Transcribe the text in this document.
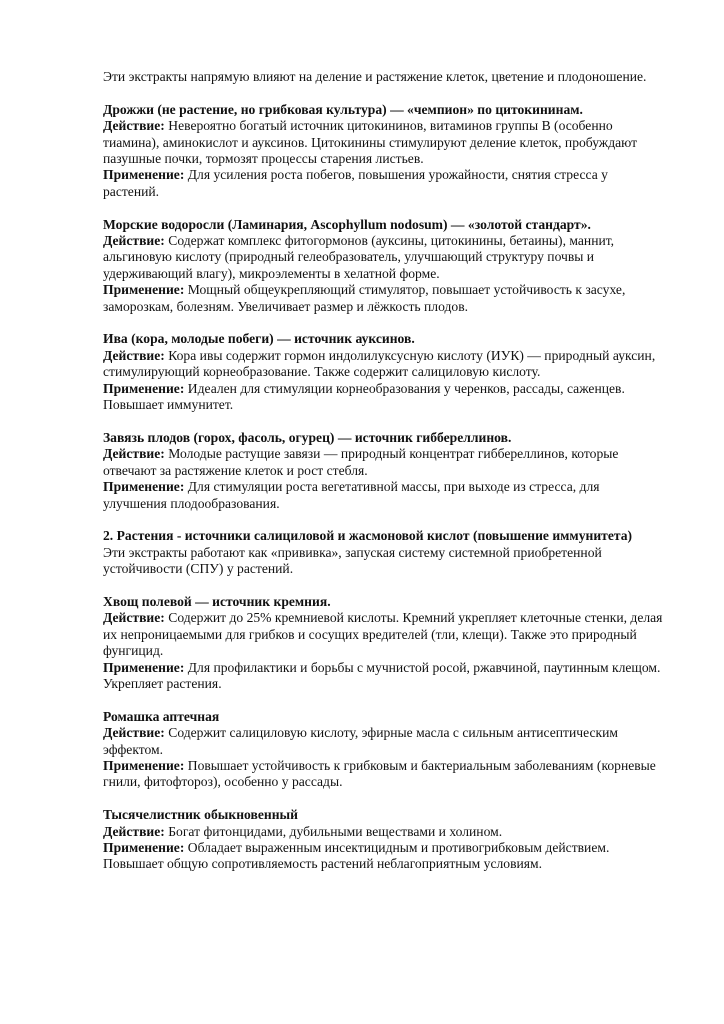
Эти экстракты напрямую влияют на деление и растяжение клеток, цветение и плодоношение.

Дрожжи (не растение, но грибковая культура) — «чемпион» по цитокининам.

Действие: Невероятно богатый источник цитокининов, витаминов группы В (особенно тиамина), аминокислот и ауксинов. Цитокинины стимулируют деление клеток, пробуждают пазушные почки, тормозят процессы старения листьев.

Применение: Для усиления роста побегов, повышения урожайности, снятия стресса у растений.

Морские водоросли (Ламинария, Ascophyllum nodosum) — «золотой стандарт».

Действие: Содержат комплекс фитогормонов (ауксины, цитокинины, бетаины), маннит, альгиновую кислоту (природный гелеобразователь, улучшающий структуру почвы и удерживающий влагу), микроэлементы в хелатной форме.

Применение: Мощный общеукрепляющий стимулятор, повышает устойчивость к засухе, заморозкам, болезням. Увеличивает размер и лёжкость плодов.

Ива (кора, молодые побеги) — источник ауксинов.

Действие: Кора ивы содержит гормон индолилуксусную кислоту (ИУК) — природный ауксин, стимулирующий корнеобразование. Также содержит салициловую кислоту.

Применение: Идеален для стимуляции корнеобразования у черенков, рассады, саженцев. Повышает иммунитет.

Завязь плодов (горох, фасоль, огурец) — источник гиббереллинов.

Действие: Молодые растущие завязи — природный концентрат гиббереллинов, которые отвечают за растяжение клеток и рост стебля.

Применение: Для стимуляции роста вегетативной массы, при выходе из стресса, для улучшения плодообразования.

2. Растения - источники салициловой и жасмоновой кислот (повышение иммунитета)

Эти экстракты работают как «прививка», запуская систему системной приобретенной устойчивости (СПУ) у растений.

Хвощ полевой — источник кремния.

Действие: Содержит до 25% кремниевой кислоты. Кремний укрепляет клеточные стенки, делая их непроницаемыми для грибков и сосущих вредителей (тли, клещи). Также это природный фунгицид.

Применение: Для профилактики и борьбы с мучнистой росой, ржавчиной, паутинным клещом. Укрепляет растения.

Ромашка аптечная

Действие: Содержит салициловую кислоту, эфирные масла с сильным антисептическим эффектом.

Применение: Повышает устойчивость к грибковым и бактериальным заболеваниям (корневые гнили, фитофтороз), особенно у рассады.

Тысячелистник обыкновенный

Действие: Богат фитонцидами, дубильными веществами и холином.

Применение: Обладает выраженным инсектицидным и противогрибковым действием. Повышает общую сопротивляемость растений неблагоприятным условиям.
